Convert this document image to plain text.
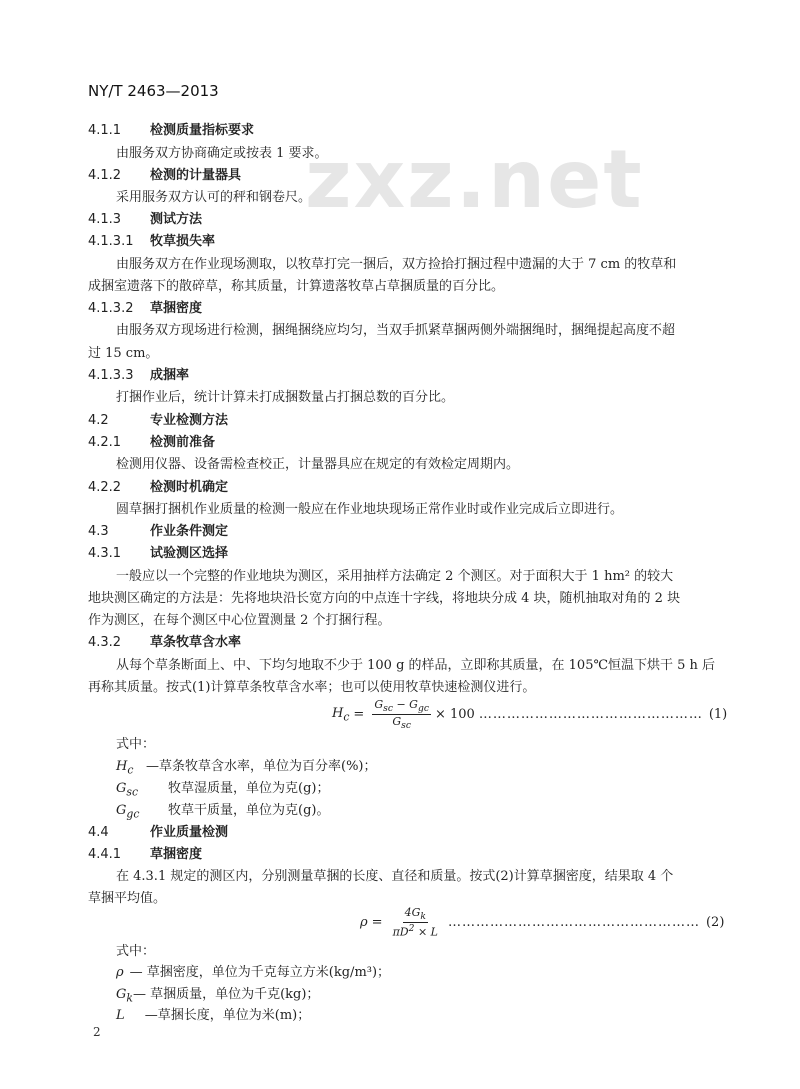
zxz.net
NY/T 2463—2013
4.1.1 检测质量指标要求
由服务双方协商确定或按表 1 要求。
4.1.2 检测的计量器具
采用服务双方认可的秤和钢卷尺。
4.1.3 测试方法
4.1.3.1 牧草损失率
由服务双方在作业现场测取，以牧草打完一捆后，双方捡拾打捆过程中遗漏的大于 7 cm 的牧草和
成捆室遗落下的散碎草，称其质量，计算遗落牧草占草捆质量的百分比。
4.1.3.2 草捆密度
由服务双方现场进行检测，捆绳捆绕应均匀，当双手抓紧草捆两侧外端捆绳时，捆绳提起高度不超
过 15 cm。
4.1.3.3 成捆率
打捆作业后，统计计算未打成捆数量占打捆总数的百分比。
4.2	专业检测方法
4.2.1 检测前准备
检测用仪器、设备需检查校正，计量器具应在规定的有效检定周期内。
4.2.2 检测时机确定
圆草捆打捆机作业质量的检测一般应在作业地块现场正常作业时或作业完成后立即进行。
4.3	作业条件测定
4.3.1 试验测区选择
一般应以一个完整的作业地块为测区，采用抽样方法确定 2 个测区。对于面积大于 1 hm² 的较大
地块测区确定的方法是：先将地块沿长宽方向的中点连十字线，将地块分成 4 块，随机抽取对角的 2 块
作为测区，在每个测区中心位置测量 2 个打捆行程。
4.3.2 草条牧草含水率
从每个草条断面上、中、下均匀地取不少于 100 g 的样品，立即称其质量，在 105℃恒温下烘干 5 h 后
再称其质量。按式(1)计算草条牧草含水率；也可以使用牧草快速检测仪进行。
$H_c = \frac{G_{sc} - G_{gc}}{G_{sc}} \times 100$ ………………………………………… (1)
式中：
$H_c$ —草条牧草含水率，单位为百分率(%)；
$G_{sc}$ 牧草湿质量，单位为克(g)；
$G_{gc}$ 牧草干质量，单位为克(g)。
4.4	作业质量检测
4.4.1 草捆密度
在 4.3.1 规定的测区内，分别测量草捆的长度、直径和质量。按式(2)计算草捆密度，结果取 4 个
草捆平均值。
$\rho = \frac{4G_k}{\pi D^2 \times L}$ ……………………………………………… (2)
式中：
ρ — 草捆密度，单位为千克每立方米(kg/m³)；
$G_k—$ 草捆质量，单位为千克(kg)；
L —草捆长度，单位为米(m)；
2
